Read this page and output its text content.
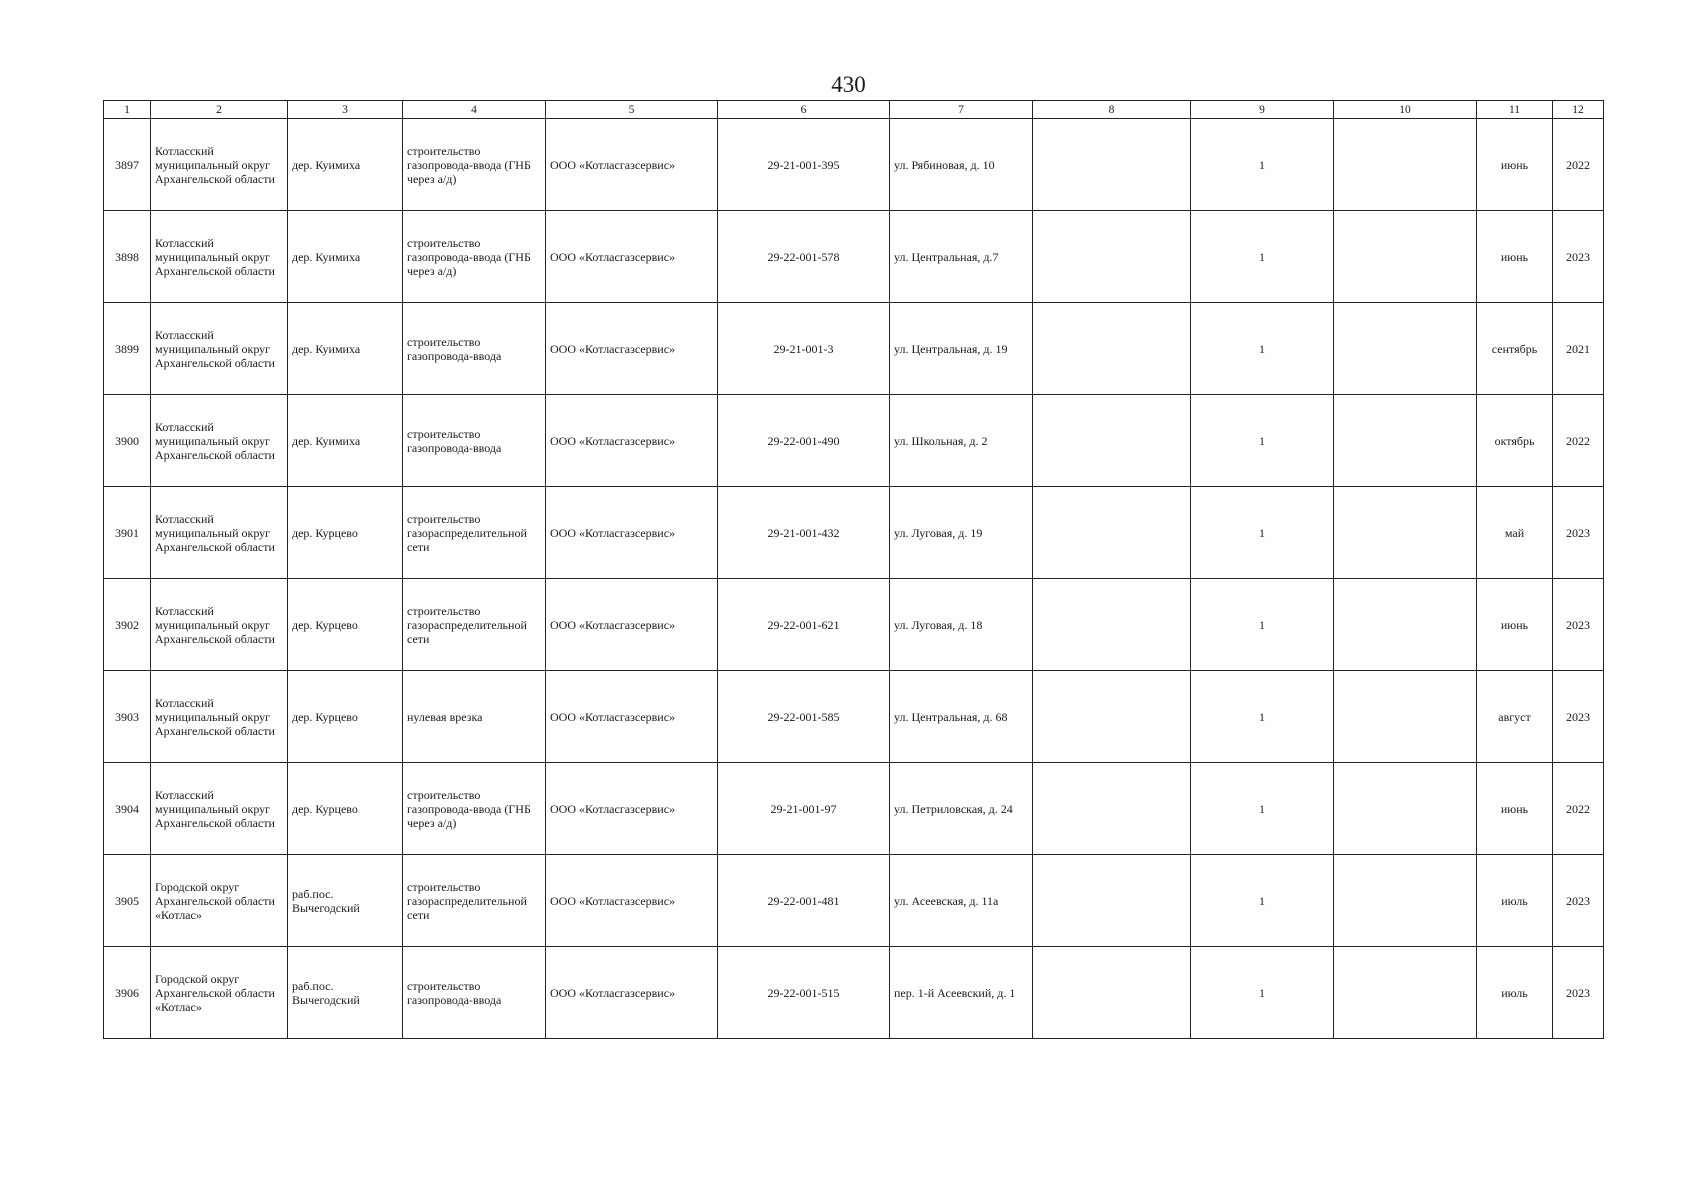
430
1	2	3	4	5	6	7	8	9	10	11	12

3897	Котласский муниципальный округ Архангельской области	дер. Куимиха	строительство газопровода-ввода (ГНБ через а/д)	ООО «Котласгазсервис»	29-21-001-395	ул. Рябиновая, д. 10		1		июнь	2022

3898	Котласский муниципальный округ Архангельской области	дер. Куимиха	строительство газопровода-ввода (ГНБ через а/д)	ООО «Котласгазсервис»	29-22-001-578	ул. Центральная, д.7		1		июнь	2023

3899	Котласский муниципальный округ Архангельской области	дер. Куимиха	строительство газопровода-ввода	ООО «Котласгазсервис»	29-21-001-3	ул. Центральная, д. 19		1		сентябрь	2021

3900	Котласский муниципальный округ Архангельской области	дер. Куимиха	строительство газопровода-ввода	ООО «Котласгазсервис»	29-22-001-490	ул. Школьная, д. 2		1		октябрь	2022

3901	Котласский муниципальный округ Архангельской области	дер. Курцево	строительство газораспределительной сети	ООО «Котласгазсервис»	29-21-001-432	ул. Луговая, д. 19		1		май	2023

3902	Котласский муниципальный округ Архангельской области	дер. Курцево	строительство газораспределительной сети	ООО «Котласгазсервис»	29-22-001-621	ул. Луговая, д. 18		1		июнь	2023

3903	Котласский муниципальный округ Архангельской области	дер. Курцево	нулевая врезка	ООО «Котласгазсервис»	29-22-001-585	ул. Центральная, д. 68		1		август	2023

3904	Котласский муниципальный округ Архангельской области	дер. Курцево	строительство газопровода-ввода (ГНБ через а/д)	ООО «Котласгазсервис»	29-21-001-97	ул. Петриловская, д. 24		1		июнь	2022

3905	Городской округ Архангельской области «Котлас»	раб.пос. Вычегодский	строительство газораспределительной сети	ООО «Котласгазсервис»	29-22-001-481	ул. Асеевская, д. 11а		1		июль	2023

3906	Городской округ Архангельской области «Котлас»	раб.пос. Вычегодский	строительство газопровода-ввода	ООО «Котласгазсервис»	29-22-001-515	пер. 1-й Асеевский, д. 1		1		июль	2023
